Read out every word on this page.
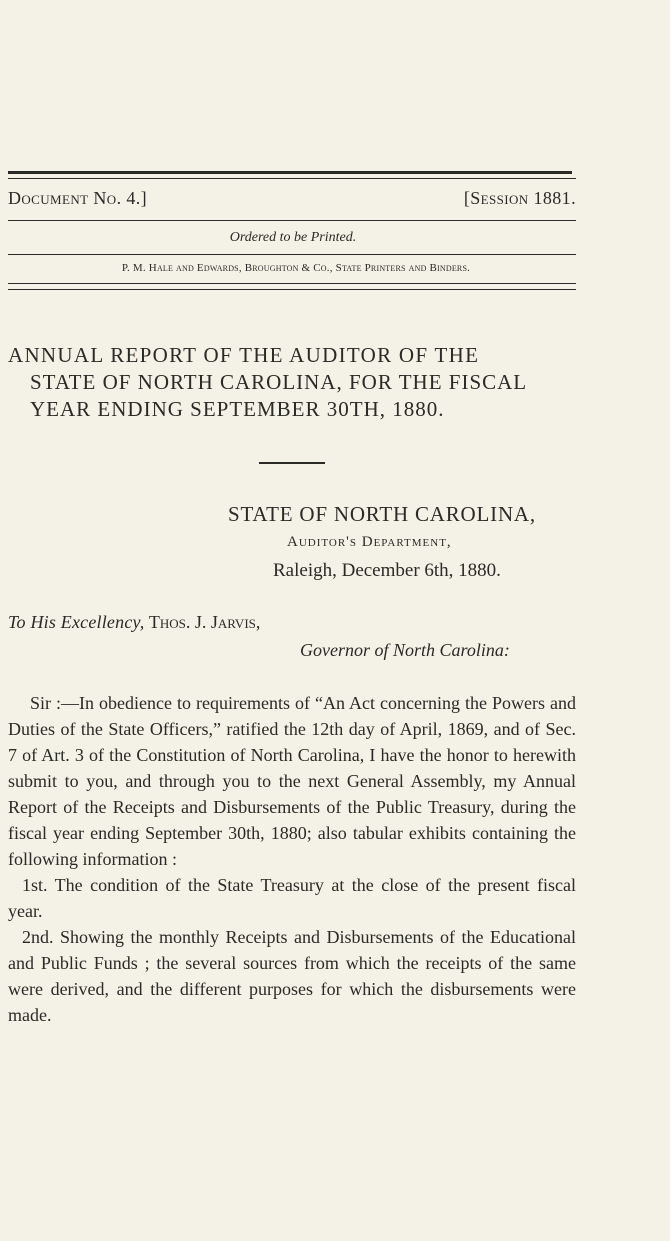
Document No. 4.]	[Session 1881.
Ordered to be Printed.
P. M. Hale and Edwards, Broughton & Co., State Printers and Binders.
ANNUAL REPORT OF THE AUDITOR OF THE
STATE OF NORTH CAROLINA, FOR THE FISCAL
YEAR ENDING SEPTEMBER 30TH, 1880.
STATE OF NORTH CAROLINA,
Auditor's Department,
Raleigh, December 6th, 1880.
To His Excellency, Thos. J. Jarvis,
Governor of North Carolina:

Sir :—In obedience to requirements of “An Act concerning the Powers and Duties of the State Officers,” ratified the 12th day of April, 1869, and of Sec. 7 of Art. 3 of the Constitution of North Carolina, I have the honor to herewith submit to you, and through you to the next General Assembly, my Annual Report of the Receipts and Disbursements of the Public Treasury, during the fiscal year ending September 30th, 1880; also tabular exhibits containing the following information :

1st. The condition of the State Treasury at the close of the present fiscal year.

2nd. Showing the monthly Receipts and Disbursements of the Educational and Public Funds ; the several sources from which the receipts of the same were derived, and the different purposes for which the disbursements were made.
